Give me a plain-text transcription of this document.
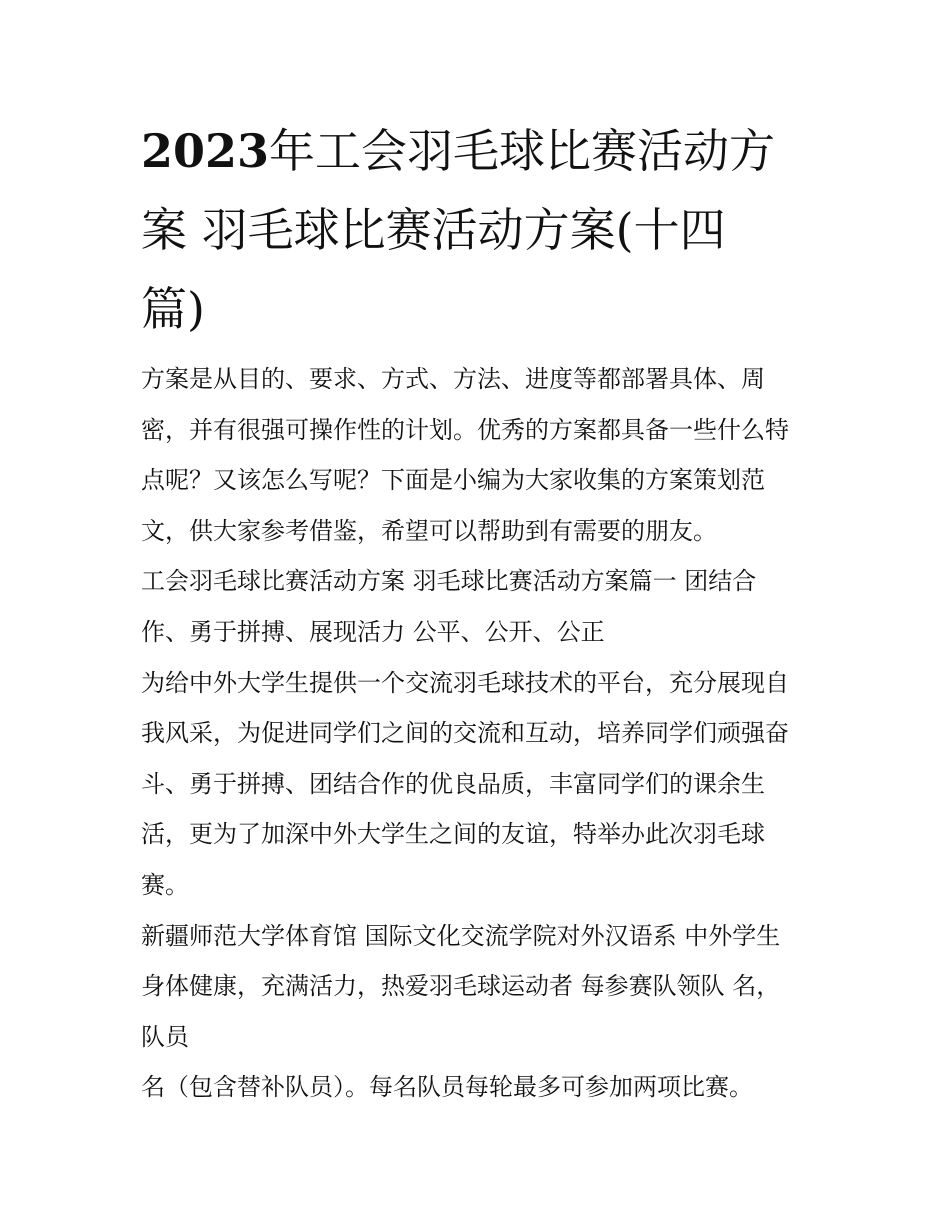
2023年工会羽毛球比赛活动方
案 羽毛球比赛活动方案(十四
篇)
方案是从目的、要求、方式、方法、进度等都部署具体、周
密，并有很强可操作性的计划。优秀的方案都具备一些什么特
点呢？又该怎么写呢？下面是小编为大家收集的方案策划范
文，供大家参考借鉴，希望可以帮助到有需要的朋友。
工会羽毛球比赛活动方案 羽毛球比赛活动方案篇一 团结合
作、勇于拼搏、展现活力 公平、公开、公正
为给中外大学生提供一个交流羽毛球技术的平台，充分展现自
我风采，为促进同学们之间的交流和互动，培养同学们顽强奋
斗、勇于拼搏、团结合作的优良品质，丰富同学们的课余生
活，更为了加深中外大学生之间的友谊，特举办此次羽毛球
赛。
新疆师范大学体育馆 国际文化交流学院对外汉语系 中外学生
身体健康，充满活力，热爱羽毛球运动者 每参赛队领队 名，
队员
名（包含替补队员）。每名队员每轮最多可参加两项比赛。
